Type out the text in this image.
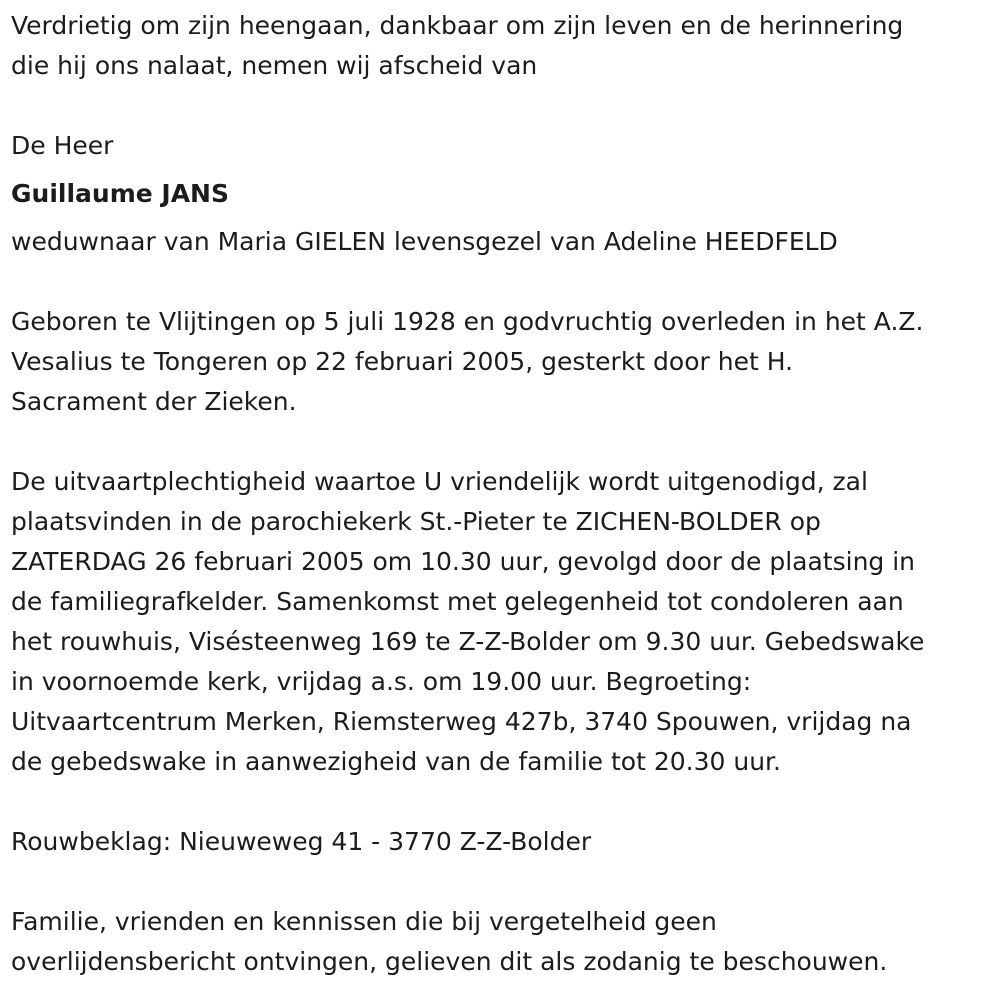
Verdrietig om zijn heengaan, dankbaar om zijn leven en de herinnering
die hij ons nalaat, nemen wij afscheid van
De Heer
Guillaume JANS
weduwnaar van Maria GIELEN levensgezel van Adeline HEEDFELD
Geboren te Vlijtingen op 5 juli 1928 en godvruchtig overleden in het A.Z.
Vesalius te Tongeren op 22 februari 2005, gesterkt door het H.
Sacrament der Zieken.
De uitvaartplechtigheid waartoe U vriendelijk wordt uitgenodigd, zal
plaatsvinden in de parochiekerk St.-Pieter te ZICHEN-BOLDER op
ZATERDAG 26 februari 2005 om 10.30 uur, gevolgd door de plaatsing in
de familiegrafkelder. Samenkomst met gelegenheid tot condoleren aan
het rouwhuis, Visésteenweg 169 te Z-Z-Bolder om 9.30 uur. Gebedswake
in voornoemde kerk, vrijdag a.s. om 19.00 uur. Begroeting:
Uitvaartcentrum Merken, Riemsterweg 427b, 3740 Spouwen, vrijdag na
de gebedswake in aanwezigheid van de familie tot 20.30 uur.
Rouwbeklag: Nieuweweg 41 - 3770 Z-Z-Bolder
Familie, vrienden en kennissen die bij vergetelheid geen
overlijdensbericht ontvingen, gelieven dit als zodanig te beschouwen.
